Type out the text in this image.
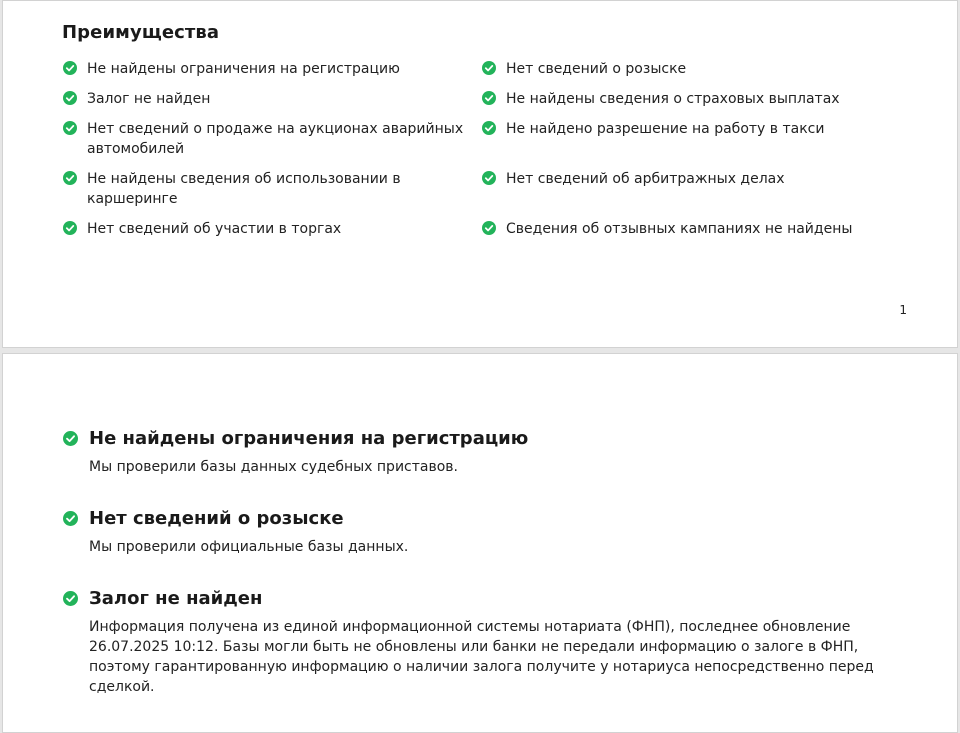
Преимущества
Не найдены ограничения на регистрацию
Залог не найден
Нет сведений о продаже на аукционах аварийных автомобилей
Не найдены сведения об использовании в каршеринге
Нет сведений об участии в торгах
Нет сведений о розыске
Не найдены сведения о страховых выплатах
Не найдено разрешение на работу в такси
Нет сведений об арбитражных делах
Сведения об отзывных кампаниях не найдены
1
Не найдены ограничения на регистрацию
Мы проверили базы данных судебных приставов.
Нет сведений о розыске
Мы проверили официальные базы данных.
Залог не найден
Информация получена из единой информационной системы нотариата (ФНП), последнее обновление 26.07.2025 10:12. Базы могли быть не обновлены или банки не передали информацию о залоге в ФНП, поэтому гарантированную информацию о наличии залога получите у нотариуса непосредственно перед сделкой.
